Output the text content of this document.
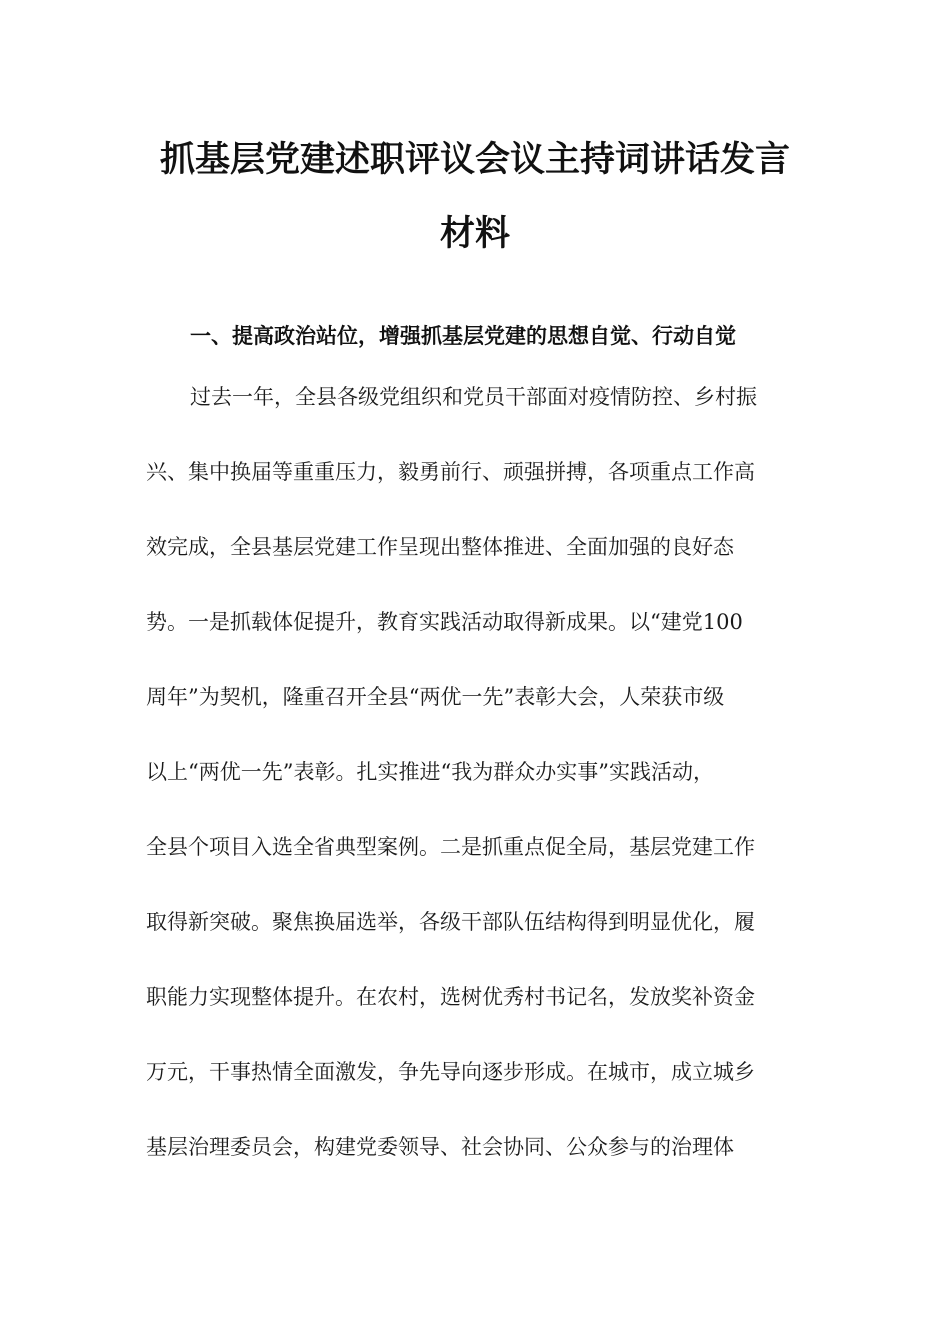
抓基层党建述职评议会议主持词讲话发言
材料
一、提高政治站位，增强抓基层党建的思想自觉、行动自觉
过去一年，全县各级党组织和党员干部面对疫情防控、乡村振
兴、集中换届等重重压力，毅勇前行、顽强拼搏，各项重点工作高
效完成，全县基层党建工作呈现出整体推进、全面加强的良好态
势。一是抓载体促提升，教育实践活动取得新成果。以“建党100
周年”为契机，隆重召开全县“两优一先”表彰大会，人荣获市级
以上“两优一先”表彰。扎实推进“我为群众办实事”实践活动，
全县个项目入选全省典型案例。二是抓重点促全局，基层党建工作
取得新突破。聚焦换届选举，各级干部队伍结构得到明显优化，履
职能力实现整体提升。在农村，选树优秀村书记名，发放奖补资金
万元，干事热情全面激发，争先导向逐步形成。在城市，成立城乡
基层治理委员会，构建党委领导、社会协同、公众参与的治理体
